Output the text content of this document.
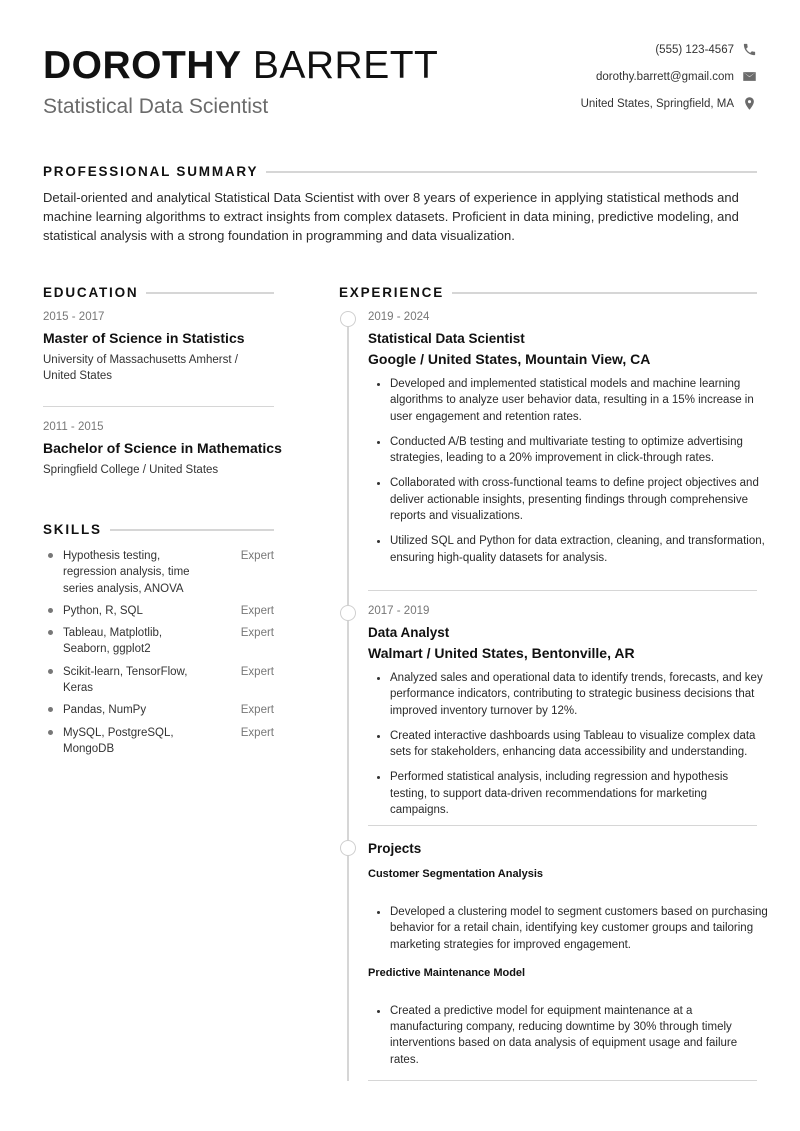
DOROTHY BARRETT
Statistical Data Scientist
(555) 123-4567
dorothy.barrett@gmail.com
United States, Springfield, MA
PROFESSIONAL SUMMARY

Detail-oriented and analytical Statistical Data Scientist with over 8 years of experience in applying statistical methods and machine learning algorithms to extract insights from complex datasets. Proficient in data mining, predictive modeling, and statistical analysis with a strong foundation in programming and data visualization.

EDUCATION
2015 - 2017
Master of Science in Statistics
University of Massachusetts Amherst / United States
2011 - 2015
Bachelor of Science in Mathematics
Springfield College / United States
SKILLS
Hypothesis testing, regression analysis, time series analysis, ANOVA
Expert
Python, R, SQL	Expert
Tableau, Matplotlib, Seaborn, ggplot2
Expert
Scikit-learn, TensorFlow, Keras
Expert
Pandas, NumPy	Expert
MySQL, PostgreSQL, MongoDB
Expert
EXPERIENCE
2019 - 2024
Statistical Data Scientist
Google / United States, Mountain View, CA
Developed and implemented statistical models and machine learning algorithms to analyze user behavior data, resulting in a 15% increase in user engagement and retention rates.
Conducted A/B testing and multivariate testing to optimize advertising strategies, leading to a 20% improvement in click-through rates.
Collaborated with cross-functional teams to define project objectives and deliver actionable insights, presenting findings through comprehensive reports and visualizations.
Utilized SQL and Python for data extraction, cleaning, and transformation, ensuring high-quality datasets for analysis.
2017 - 2019
Data Analyst
Walmart / United States, Bentonville, AR
Analyzed sales and operational data to identify trends, forecasts, and key performance indicators, contributing to strategic business decisions that improved inventory turnover by 12%.
Created interactive dashboards using Tableau to visualize complex data sets for stakeholders, enhancing data accessibility and understanding.
Performed statistical analysis, including regression and hypothesis testing, to support data-driven recommendations for marketing campaigns.
Projects
Customer Segmentation Analysis
Developed a clustering model to segment customers based on purchasing behavior for a retail chain, identifying key customer groups and tailoring marketing strategies for improved engagement.
Predictive Maintenance Model
Created a predictive model for equipment maintenance at a manufacturing company, reducing downtime by 30% through timely interventions based on data analysis of equipment usage and failure rates.
